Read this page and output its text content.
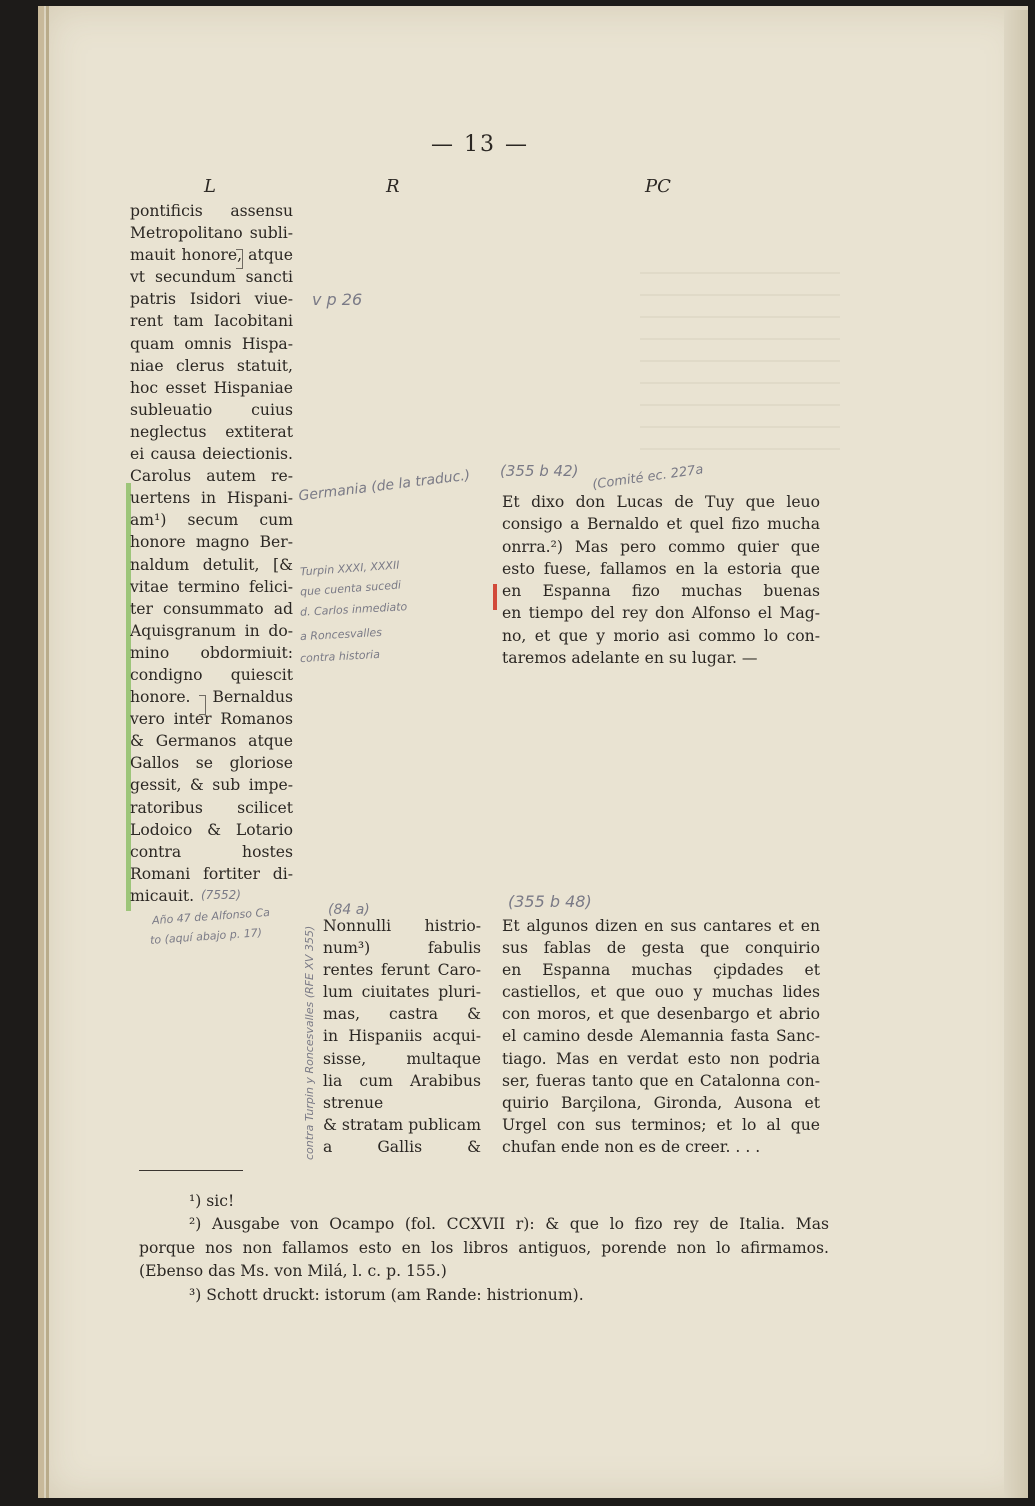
— 13 —
L	R	PC
pontificis assensu
Metropolitano subli-
mauit honore, atque
vt secundum sancti
patris Isidori viue-
rent tam Iacobitani
quam omnis Hispa-
niae clerus statuit,
hoc esset Hispaniae
subleuatio cuius
neglectus extiterat
ei causa deiectionis.
Carolus autem re-
uertens in Hispani-
am¹) secum cum
honore magno Ber-
naldum detulit, [&
vitae termino felici-
ter consummato ad
Aquisgranum in do-
mino obdormiuit:
condigno quiescit
honore. Bernaldus
vero inter Romanos
& Germanos atque
Gallos se gloriose
gessit, & sub impe-
ratoribus scilicet
Lodoico & Lotario
contra hostes
Romani fortiter di-
micauit.
Nonnulli histrio-
num³) fabulis
rentes ferunt Caro-
lum ciuitates pluri-
mas, castra &
in Hispaniis acqui-
sisse, multaque
lia cum Arabibus
strenue
& stratam publicam
a Gallis &
Et dixo don Lucas de Tuy que leuo
consigo a Bernaldo et quel fizo mucha
onrra.²) Mas pero commo quier que
esto fuese, fallamos en la estoria que
en Espanna fizo muchas buenas
en tiempo del rey don Alfonso el Mag-
no, et que y morio asi commo lo con-
taremos adelante en su lugar. —
Et algunos dizen en sus cantares et en
sus fablas de gesta que conquirio
en Espanna muchas çipdades et
castiellos, et que ouo y muchas lides
con moros, et que desenbargo et abrio
el camino desde Alemannia fasta Sanc-
tiago. Mas en verdat esto non podria
ser, fueras tanto que en Catalonna con-
quirio Barçilona, Gironda, Ausona et
Urgel con sus terminos; et lo al que
chufan ende non es de creer. . . .
v p 26
Germania (de la traduc.) (355 b 42) (Comité ec. 227a
Turpin XXXI, XXXII
que cuenta sucedi
d. Carlos inmediato
a Roncesvalles
contra historia
(7552)
(84 a)	(355 b 48)
Año 47 de Alfonso Ca
to (aquí abajo p. 17)	contra Turpin y Roncesvalles (RFE XV 355)
¹) sic!
²) Ausgabe von Ocampo (fol. CCXVII r): & que lo fizo rey de Italia. Mas
porque nos non fallamos esto en los libros antiguos, porende non lo afirmamos.
(Ebenso das Ms. von Milá, l. c. p. 155.)
³) Schott druckt: istorum (am Rande: histrionum).
